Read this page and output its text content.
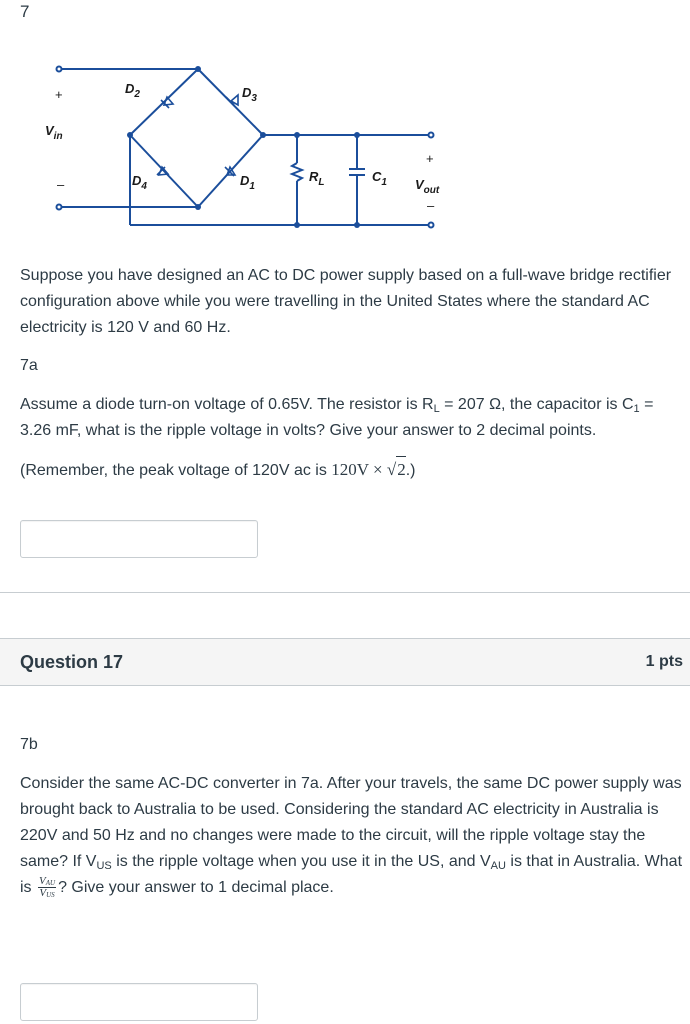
7
$D_2$	$D_3$
$D_4$	$D_1$
$R_L$	$C_1$
$V_{in}$
$V_{out}$
+
–
+
–
Suppose you have designed an AC to DC power supply based on a full-wave bridge rectifier configuration above while you were travelling in the United States where the standard AC electricity is 120 V and 60 Hz.
7a
Assume a diode turn-on voltage of 0.65V. The resistor is $R_L = 207$ Ω, the capacitor is $C_1 = 3.26$ mF, what is the ripple voltage in volts? Give your answer to 2 decimal points.
(Remember, the peak voltage of 120V ac is 120V × √2.)
Question 17	1 pts
7b
Consider the same AC-DC converter in 7a. After your travels, the same DC power supply was brought back to Australia to be used. Considering the standard AC electricity in Australia is 220V and 50 Hz and no changes were made to the circuit, will the ripple voltage stay the same? If $V_{US}$ is the ripple voltage when you use it in the US, and $V_{AU}$ is that in Australia. What is $\frac{V_{AU}}{V_{US}}$ ? Give your answer to 1 decimal place.
